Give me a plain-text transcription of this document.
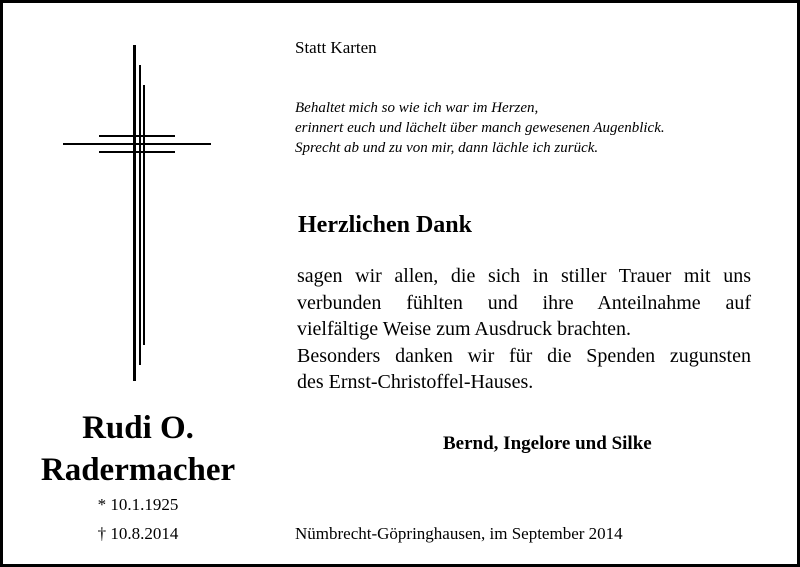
Rudi O.
Radermacher
* 10.1.1925
† 10.8.2014
Statt Karten
Behaltet mich so wie ich war im Herzen,
erinnert euch und lächelt über manch gewesenen Augenblick.
Sprecht ab und zu von mir, dann lächle ich zurück.
Herzlichen Dank
sagen wir allen, die sich in stiller Trauer mit uns
verbunden fühlten und ihre Anteilnahme auf
vielfältige Weise zum Ausdruck brachten.
Besonders danken wir für die Spenden zugunsten
des Ernst-Christoffel-Hauses.
Bernd, Ingelore und Silke
Nümbrecht-Göpringhausen, im September 2014
